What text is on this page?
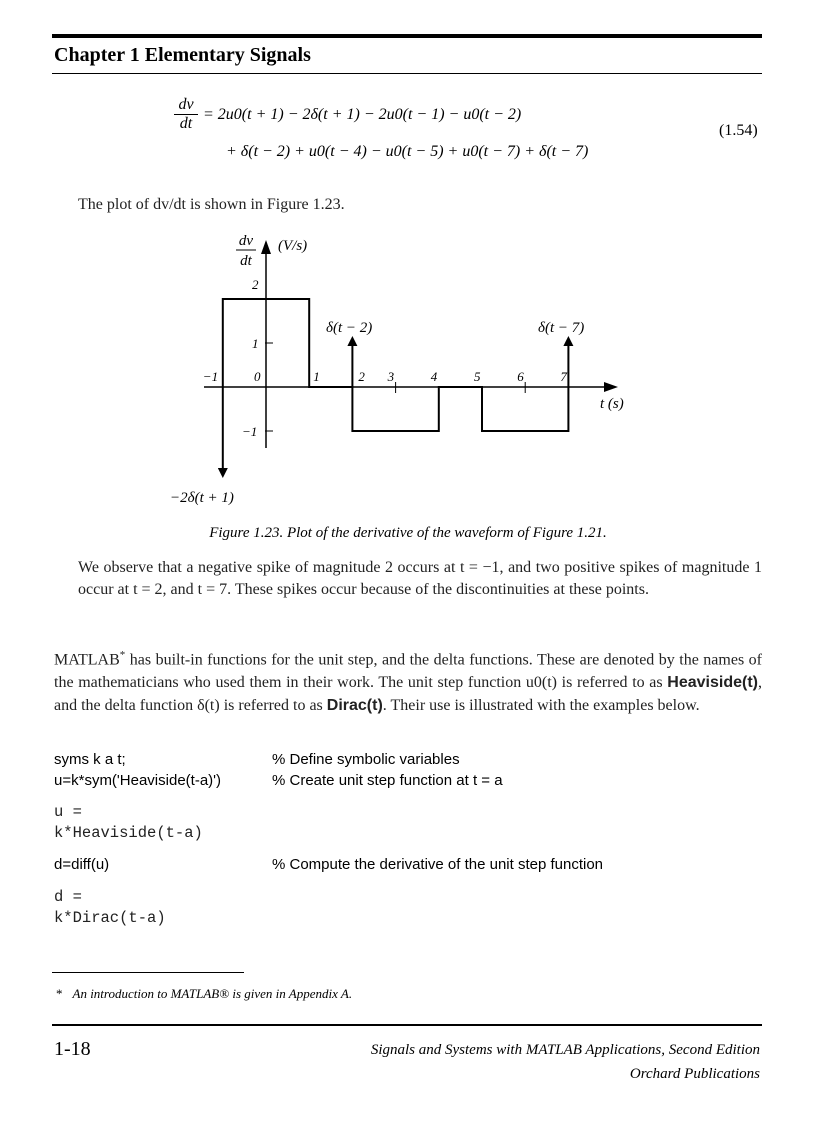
Chapter 1 Elementary Signals
$\frac{dv}{dt} = 2u0(t + 1) - 2\delta(t + 1) - 2u0(t - 1) - u0(t - 2)$
+ δ(t − 2) + u0(t − 4) − u0(t − 5) + u0(t − 7) + δ(t − 7)
(1.54)
The plot of dv/dt is shown in Figure 1.23.
−1	0	1	2 3	4	5	6	7
2
1
−1
dv
dt
(V/s)
t (s)
δ(t − 2)	δ(t − 7)
−2δ(t + 1)
Figure 1.23. Plot of the derivative of the waveform of Figure 1.21.
We observe that a negative spike of magnitude 2 occurs at t = −1, and two positive spikes of magnitude 1 occur at t = 2, and t = 7. These spikes occur because of the discontinuities at these points.
MATLAB* has built-in functions for the unit step, and the delta functions. These are denoted by the names of the mathematicians who used them in their work. The unit step function u0(t) is referred to as Heaviside(t), and the delta function δ(t) is referred to as Dirac(t). Their use is illustrated with the examples below.
syms k a t;	% Define symbolic variables
u=k*sym('Heaviside(t-a)')	% Create unit step function at t = a
u =
k*Heaviside(t-a)
d=diff(u)	% Compute the derivative of the unit step function
d =
k*Dirac(t-a)
* An introduction to MATLAB® is given in Appendix A.
1-18	Signals and Systems with MATLAB Applications, Second Edition
Orchard Publications
